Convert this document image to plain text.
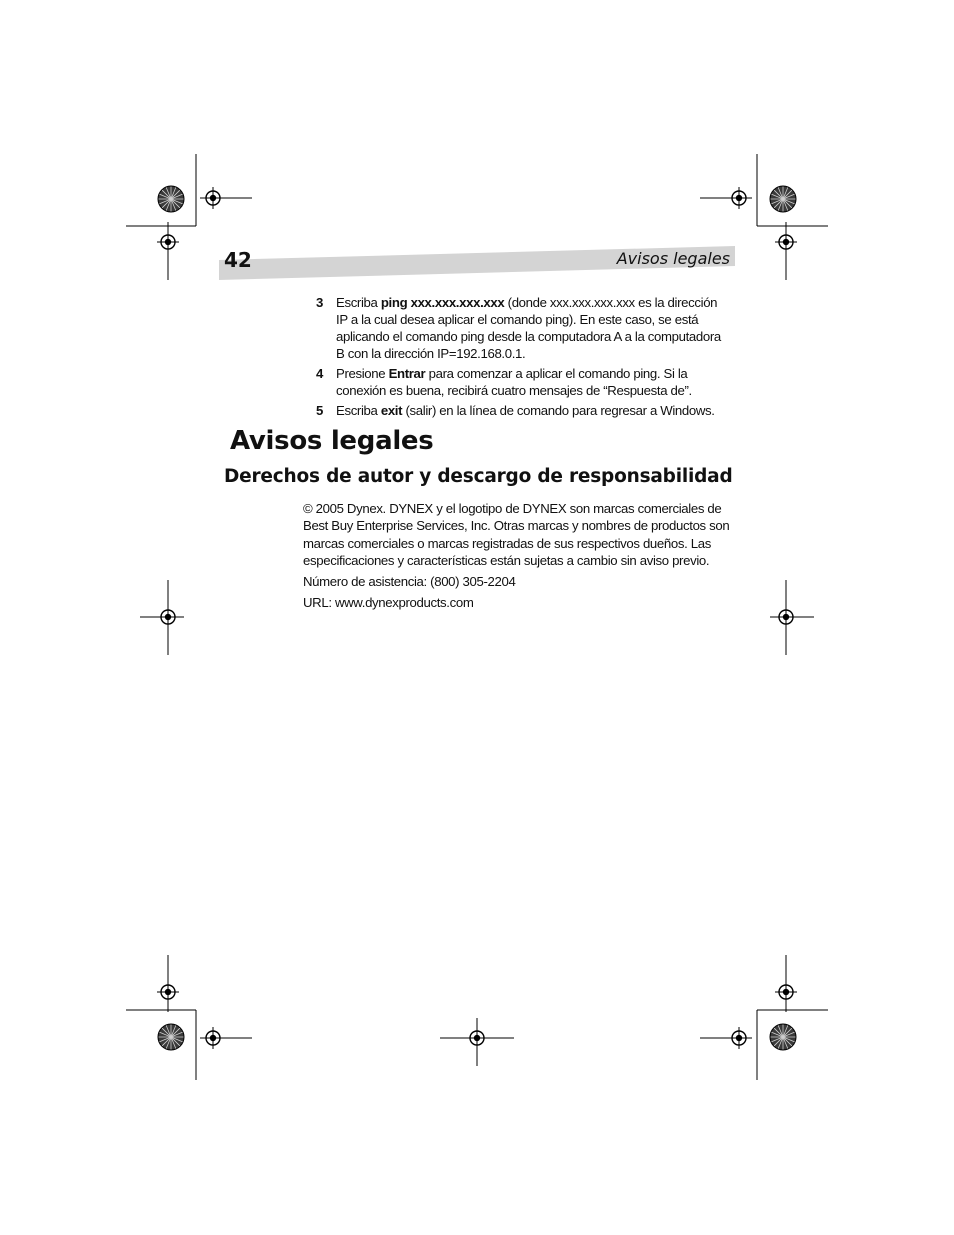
42	Avisos legales
3 Escriba ping xxx.xxx.xxx.xxx (donde xxx.xxx.xxx.xxx es la dirección IP a la cual desea aplicar el comando ping). En este caso, se está aplicando el comando ping desde la computadora A a la computadora B con la dirección IP=192.168.0.1.
4 Presione Entrar para comenzar a aplicar el comando ping. Si la conexión es buena, recibirá cuatro mensajes de “Respuesta de”.
5 Escriba exit (salir) en la línea de comando para regresar a Windows.
Avisos legales
Derechos de autor y descargo de responsabilidad

© 2005 Dynex. DYNEX y el logotipo de DYNEX son marcas comerciales de Best Buy Enterprise Services, Inc. Otras marcas y nombres de productos son marcas comerciales o marcas registradas de sus respectivos dueños. Las especificaciones y características están sujetas a cambio sin aviso previo.

Número de asistencia: (800) 305-2204

URL: www.dynexproducts.com
